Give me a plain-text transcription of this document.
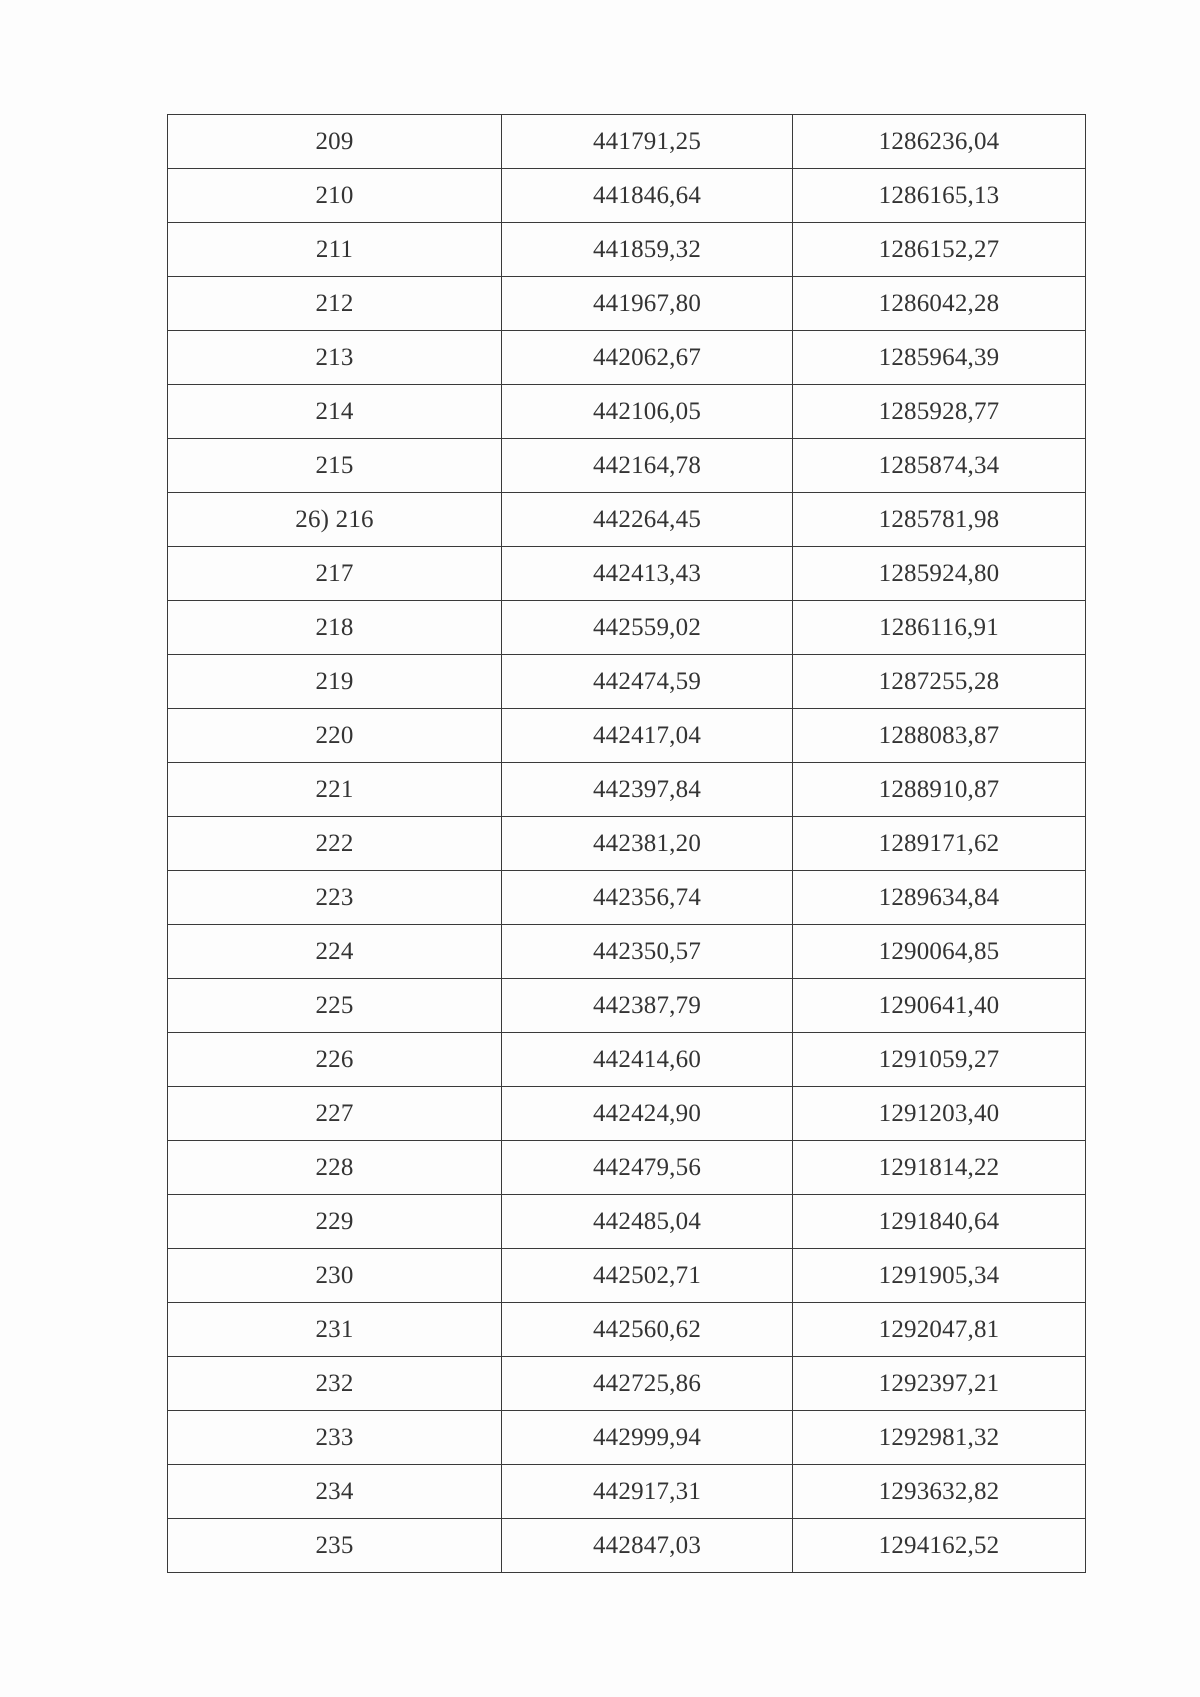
209	441791,25	1286236,04
210	441846,64	1286165,13
211	441859,32	1286152,27
212	441967,80	1286042,28
213	442062,67	1285964,39
214	442106,05	1285928,77
215	442164,78	1285874,34
26) 216	442264,45	1285781,98
217	442413,43	1285924,80
218	442559,02	1286116,91
219	442474,59	1287255,28
220	442417,04	1288083,87
221	442397,84	1288910,87
222	442381,20	1289171,62
223	442356,74	1289634,84
224	442350,57	1290064,85
225	442387,79	1290641,40
226	442414,60	1291059,27
227	442424,90	1291203,40
228	442479,56	1291814,22
229	442485,04	1291840,64
230	442502,71	1291905,34
231	442560,62	1292047,81
232	442725,86	1292397,21
233	442999,94	1292981,32
234	442917,31	1293632,82
235	442847,03	1294162,52
